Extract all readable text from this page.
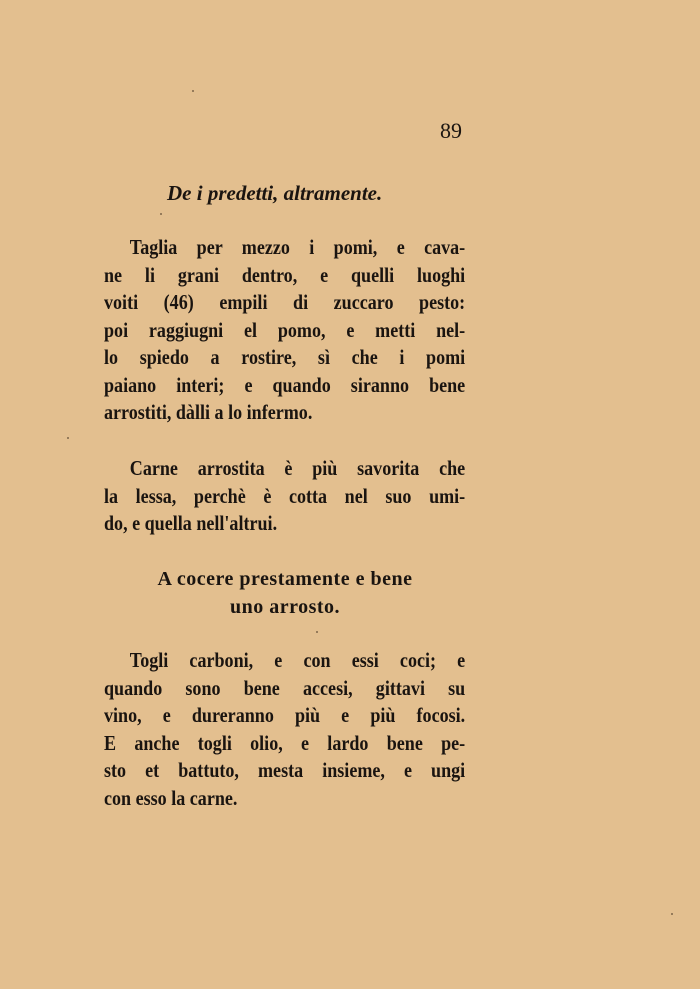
89
De i predetti, altramente.
Taglia per mezzo i pomi, e cava-
ne li grani dentro, e quelli luoghi
voiti (46) empili di zuccaro pesto:
poi raggiugni el pomo, e metti nel-
lo spiedo a rostire, sì che i pomi
paiano interi; e quando siranno bene
arrostiti, dàlli a lo infermo.
Carne arrostita è più savorita che
la lessa, perchè è cotta nel suo umi-
do, e quella nell'altrui.
A cocere prestamente e bene
uno arrosto.
Togli carboni, e con essi coci; e
quando sono bene accesi, gittavi su
vino, e dureranno più e più focosi.
E anche togli olio, e lardo bene pe-
sto et battuto, mesta insieme, e ungi
con esso la carne.
